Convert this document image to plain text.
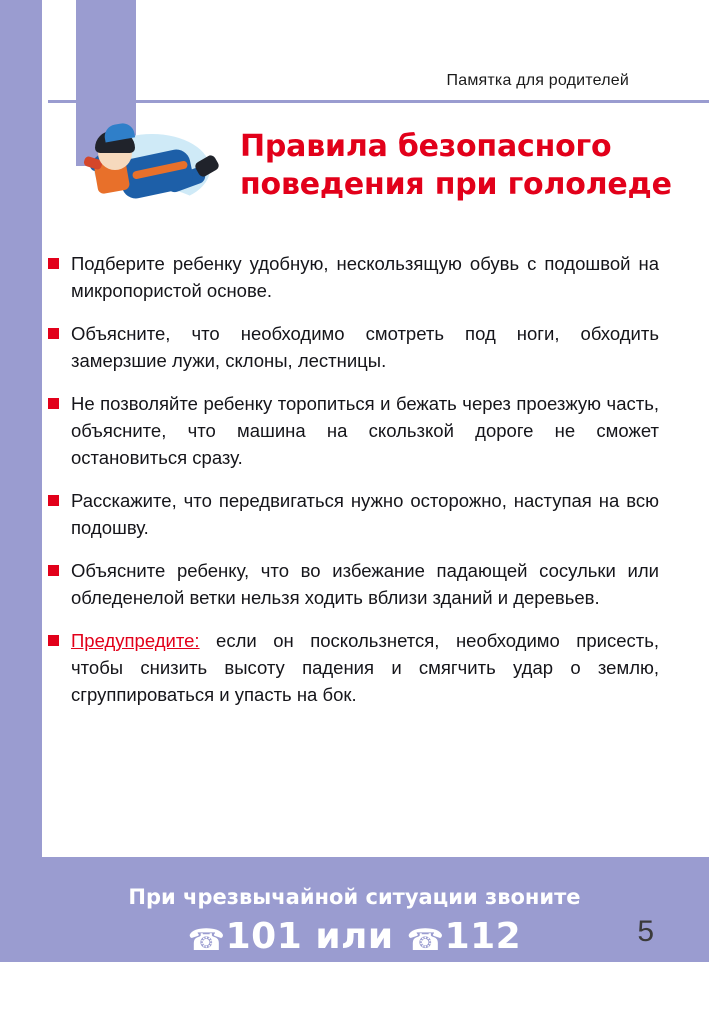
Памятка для родителей
Правила безопасного
поведения при гололеде
Подберите ребенку удобную, нескользящую обувь с подошвой на микропористой основе.
Объясните, что необходимо смотреть под ноги, обходить замерзшие лужи, склоны, лестницы.
Не позволяйте ребенку торопиться и бежать через проезжую часть, объясните, что машина на скользкой дороге не сможет остановиться сразу.
Расскажите, что передвигаться нужно осторожно, наступая на всю подошву.
Объясните ребенку, что во избежание падающей сосульки или обледенелой ветки нельзя ходить вблизи зданий и деревьев.
Предупредите: если он поскользнется, необходимо присесть, чтобы снизить высоту падения и смягчить удар о землю, сгруппироваться и упасть на бок.
При чрезвычайной ситуации звоните
☎101 или ☎112	5
